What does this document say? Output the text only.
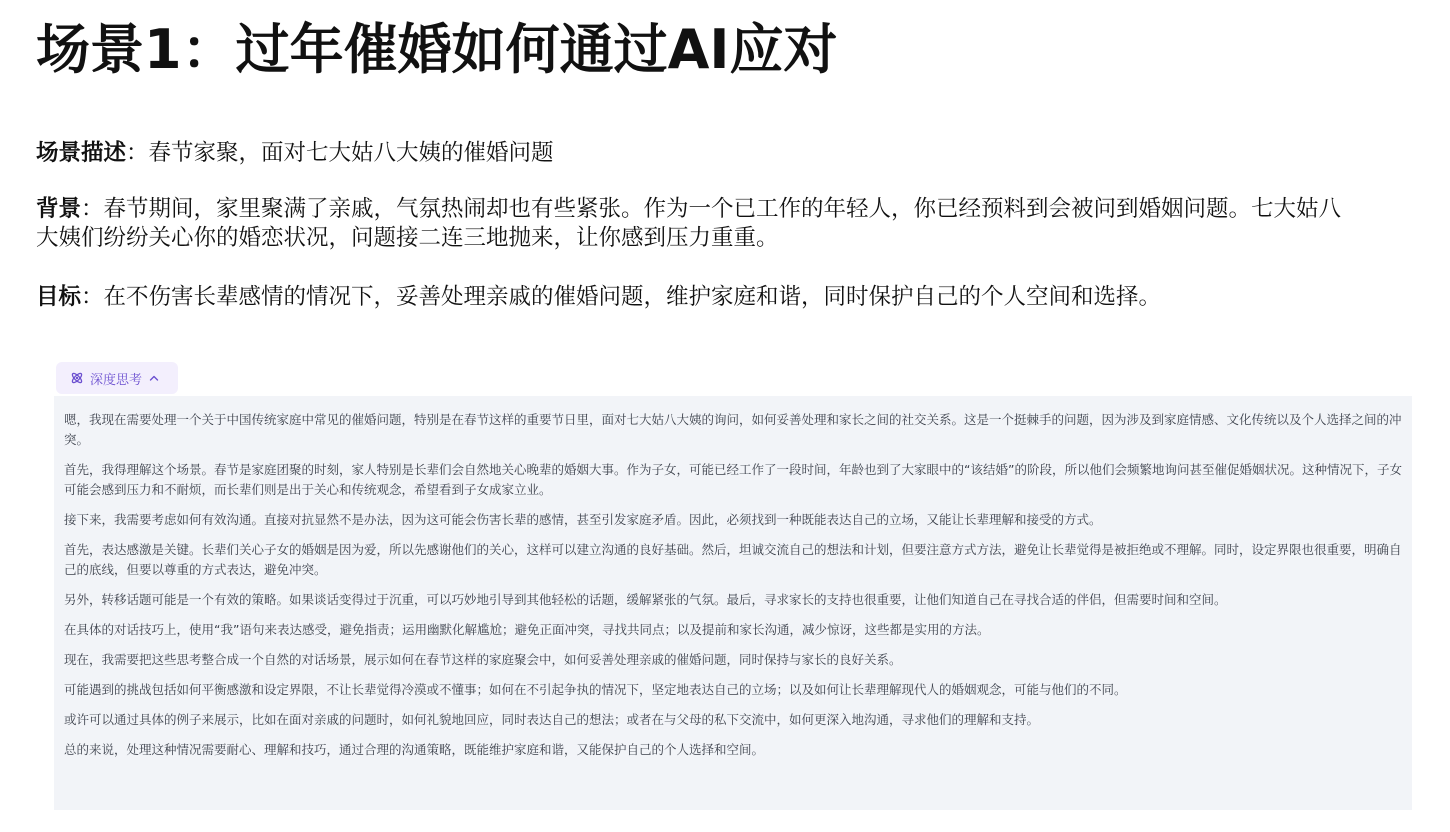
场景1：过年催婚如何通过AI应对

场景描述：春节家聚，面对七大姑八大姨的催婚问题

背景：春节期间，家里聚满了亲戚，气氛热闹却也有些紧张。作为一个已工作的年轻人，你已经预料到会被问到婚姻问题。七大姑八大姨们纷纷关心你的婚恋状况，问题接二连三地抛来，让你感到压力重重。

目标：在不伤害长辈感情的情况下，妥善处理亲戚的催婚问题，维护家庭和谐，同时保护自己的个人空间和选择。

深度思考

嗯，我现在需要处理一个关于中国传统家庭中常见的催婚问题，特别是在春节这样的重要节日里，面对七大姑八大姨的询问，如何妥善处理和家长之间的社交关系。这是一个挺棘手的问题，因为涉及到家庭情感、文化传统以及个人选择之间的冲突。

首先，我得理解这个场景。春节是家庭团聚的时刻，家人特别是长辈们会自然地关心晚辈的婚姻大事。作为子女，可能已经工作了一段时间，年龄也到了大家眼中的“该结婚”的阶段，所以他们会频繁地询问甚至催促婚姻状况。这种情况下，子女可能会感到压力和不耐烦，而长辈们则是出于关心和传统观念，希望看到子女成家立业。

接下来，我需要考虑如何有效沟通。直接对抗显然不是办法，因为这可能会伤害长辈的感情，甚至引发家庭矛盾。因此，必须找到一种既能表达自己的立场，又能让长辈理解和接受的方式。

首先，表达感激是关键。长辈们关心子女的婚姻是因为爱，所以先感谢他们的关心，这样可以建立沟通的良好基础。然后，坦诚交流自己的想法和计划，但要注意方式方法，避免让长辈觉得是被拒绝或不理解。同时，设定界限也很重要，明确自己的底线，但要以尊重的方式表达，避免冲突。

另外，转移话题可能是一个有效的策略。如果谈话变得过于沉重，可以巧妙地引导到其他轻松的话题，缓解紧张的气氛。最后，寻求家长的支持也很重要，让他们知道自己在寻找合适的伴侣，但需要时间和空间。

在具体的对话技巧上，使用“我”语句来表达感受，避免指责；运用幽默化解尴尬；避免正面冲突，寻找共同点；以及提前和家长沟通，减少惊讶，这些都是实用的方法。

现在，我需要把这些思考整合成一个自然的对话场景，展示如何在春节这样的家庭聚会中，如何妥善处理亲戚的催婚问题，同时保持与家长的良好关系。

可能遇到的挑战包括如何平衡感激和设定界限，不让长辈觉得冷漠或不懂事；如何在不引起争执的情况下，坚定地表达自己的立场；以及如何让长辈理解现代人的婚姻观念，可能与他们的不同。

或许可以通过具体的例子来展示，比如在面对亲戚的问题时，如何礼貌地回应，同时表达自己的想法；或者在与父母的私下交流中，如何更深入地沟通，寻求他们的理解和支持。

总的来说，处理这种情况需要耐心、理解和技巧，通过合理的沟通策略，既能维护家庭和谐，又能保护自己的个人选择和空间。
